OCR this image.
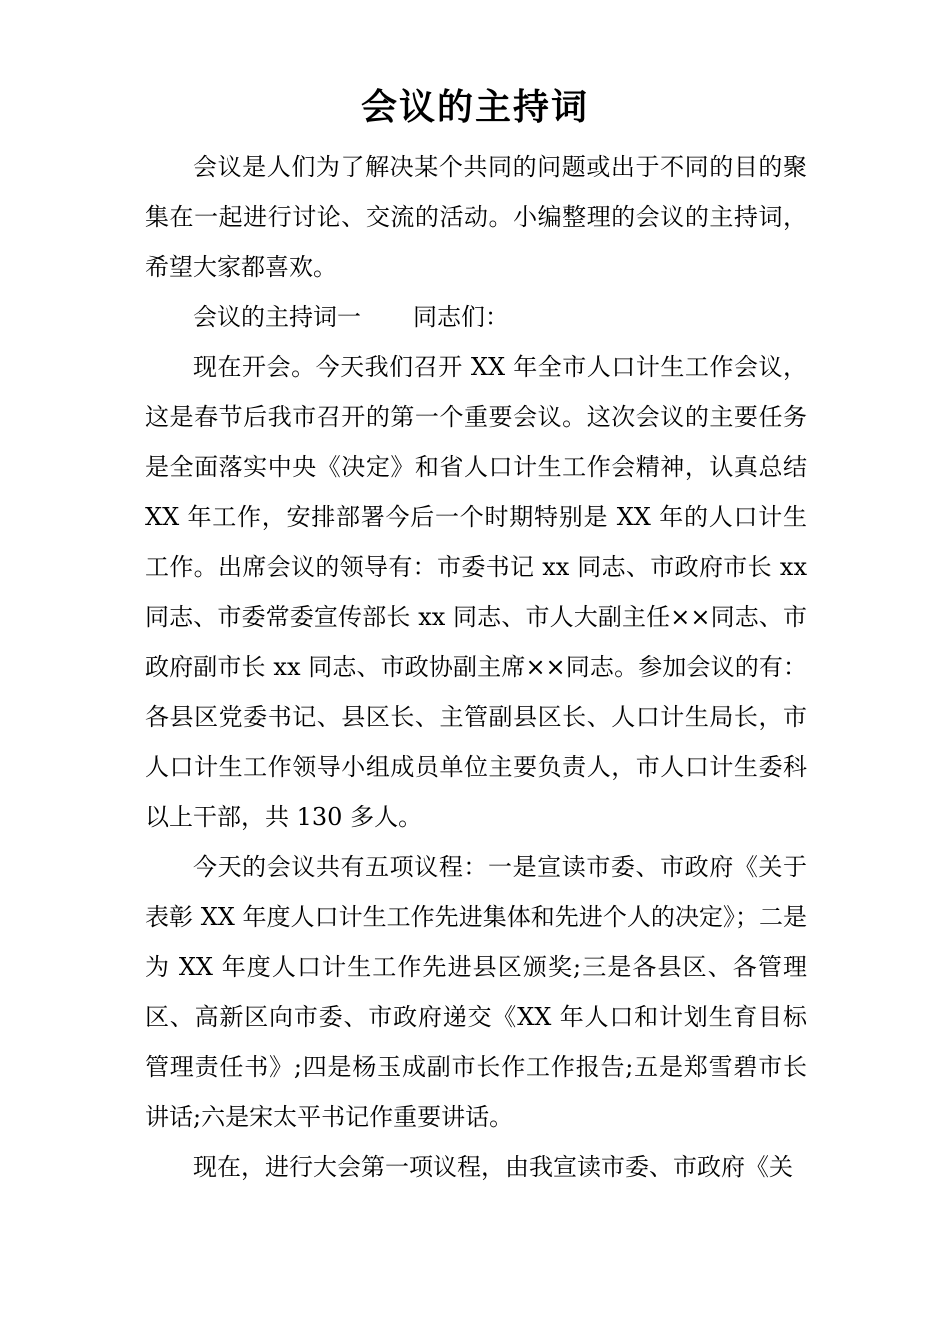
会议的主持词

会议是人们为了解决某个共同的问题或出于不同的目的聚集在一起进行讨论、交流的活动。小编整理的会议的主持词，希望大家都喜欢。

会议的主持词一 同志们：

现在开会。今天我们召开 XX 年全市人口计生工作会议，这是春节后我市召开的第一个重要会议。这次会议的主要任务是全面落实中央《决定》和省人口计生工作会精神，认真总结 XX 年工作，安排部署今后一个时期特别是 XX 年的人口计生工作。出席会议的领导有：市委书记 xx 同志、市政府市长 xx 同志、市委常委宣传部长 xx 同志、市人大副主任××同志、市政府副市长 xx 同志、市政协副主席××同志。参加会议的有：各县区党委书记、县区长、主管副县区长、人口计生局长，市人口计生工作领导小组成员单位主要负责人，市人口计生委科以上干部，共 130 多人。

今天的会议共有五项议程：一是宣读市委、市政府《关于表彰 XX 年度人口计生工作先进集体和先进个人的决定》；二是为 XX 年度人口计生工作先进县区颁奖;三是各县区、各管理区、高新区向市委、市政府递交《XX 年人口和计划生育目标管理责任书》;四是杨玉成副市长作工作报告;五是郑雪碧市长讲话;六是宋太平书记作重要讲话。

现在，进行大会第一项议程，由我宣读市委、市政府《关
